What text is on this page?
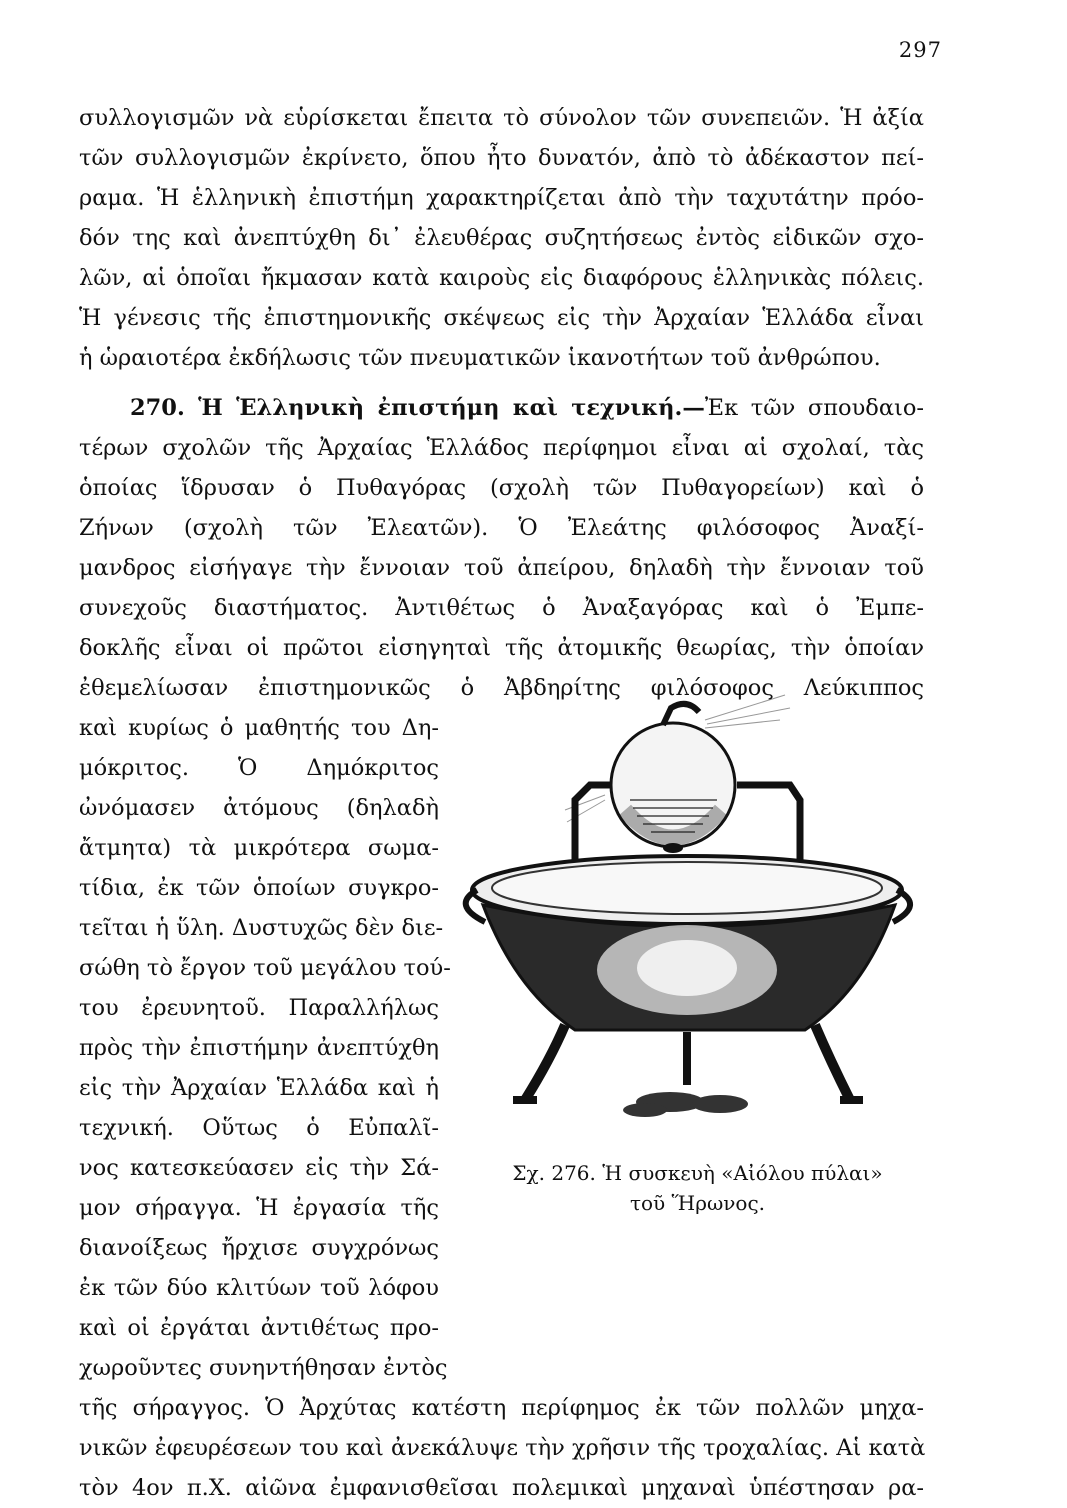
297
συλλογισμῶν νὰ εὑρίσκεται ἔπειτα τὸ σύνολον τῶν συνεπειῶν. Ἡ ἀξία
τῶν συλλογισμῶν ἐκρίνετο, ὅπου ἦτο δυνατόν, ἀπὸ τὸ ἀδέκαστον πεί-
ραμα. Ἡ ἑλληνικὴ ἐπιστήμη χαρακτηρίζεται ἀπὸ τὴν ταχυτάτην πρόο-
δόν της καὶ ἀνεπτύχθη δι᾽ ἐλευθέρας συζητήσεως ἐντὸς εἰδικῶν σχο-
λῶν, αἱ ὁποῖαι ἤκμασαν κατὰ καιροὺς εἰς διαφόρους ἑλληνικὰς πόλεις.
Ἡ γένεσις τῆς ἐπιστημονικῆς σκέψεως εἰς τὴν Ἀρχαίαν Ἑλλάδα εἶναι
ἡ ὡραιοτέρα ἐκδήλωσις τῶν πνευματικῶν ἱκανοτήτων τοῦ ἀνθρώπου.
270. Ἡ Ἑλληνικὴ ἐπιστήμη καὶ τεχνική.—Ἐκ τῶν σπουδαιο-
τέρων σχολῶν τῆς Ἀρχαίας Ἑλλάδος περίφημοι εἶναι αἱ σχολαί, τὰς
ὁποίας ἵδρυσαν ὁ Πυθαγόρας (σχολὴ τῶν Πυθαγορείων) καὶ ὁ
Ζήνων (σχολὴ τῶν Ἐλεατῶν). Ὁ Ἐλεάτης φιλόσοφος Ἀναξί-
μανδρος εἰσήγαγε τὴν ἔννοιαν τοῦ ἀπείρου, δηλαδὴ τὴν ἔννοιαν τοῦ
συνεχοῦς διαστήματος. Ἀντιθέτως ὁ Ἀναξαγόρας καὶ ὁ Ἐμπε-
δοκλῆς εἶναι οἱ πρῶτοι εἰσηγηταὶ τῆς ἀτομικῆς θεωρίας, τὴν ὁποίαν
ἐθεμελίωσαν ἐπιστημονικῶς ὁ Ἀβδηρίτης φιλόσοφος Λεύκιππος
καὶ κυρίως ὁ μαθητής του Δη-
μόκριτος. Ὁ Δημόκριτος
ὠνόμασεν ἀτόμους (δηλαδὴ
ἄτμητα) τὰ μικρότερα σωμα-
τίδια, ἐκ τῶν ὁποίων συγκρο-
τεῖται ἡ ὕλη. Δυστυχῶς δὲν διε-
σώθη τὸ ἔργον τοῦ μεγάλου τού-
του ἐρευνητοῦ. Παραλλήλως
πρὸς τὴν ἐπιστήμην ἀνεπτύχθη
εἰς τὴν Ἀρχαίαν Ἑλλάδα καὶ ἡ
τεχνική. Οὕτως ὁ Εὐπαλῖ-
νος κατεσκεύασεν εἰς τὴν Σά-
μον σήραγγα. Ἡ ἐργασία τῆς
διανοίξεως ἤρχισε συγχρόνως
ἐκ τῶν δύο κλιτύων τοῦ λόφου
καὶ οἱ ἐργάται ἀντιθέτως προ-
χωροῦντες συνηντήθησαν ἐντὸς
τῆς σήραγγος. Ὁ Ἀρχύτας κατέστη περίφημος ἐκ τῶν πολλῶν μηχα-
νικῶν ἐφευρέσεων του καὶ ἀνεκάλυψε τὴν χρῆσιν τῆς τροχαλίας. Αἱ κατὰ
τὸν 4ον π.Χ. αἰῶνα ἐμφανισθεῖσαι πολεμικαὶ μηχαναὶ ὑπέστησαν ρα-
Σχ. 276. Ἡ συσκευὴ «Αἰόλου πύλαι»
τοῦ Ἥρωνος.
